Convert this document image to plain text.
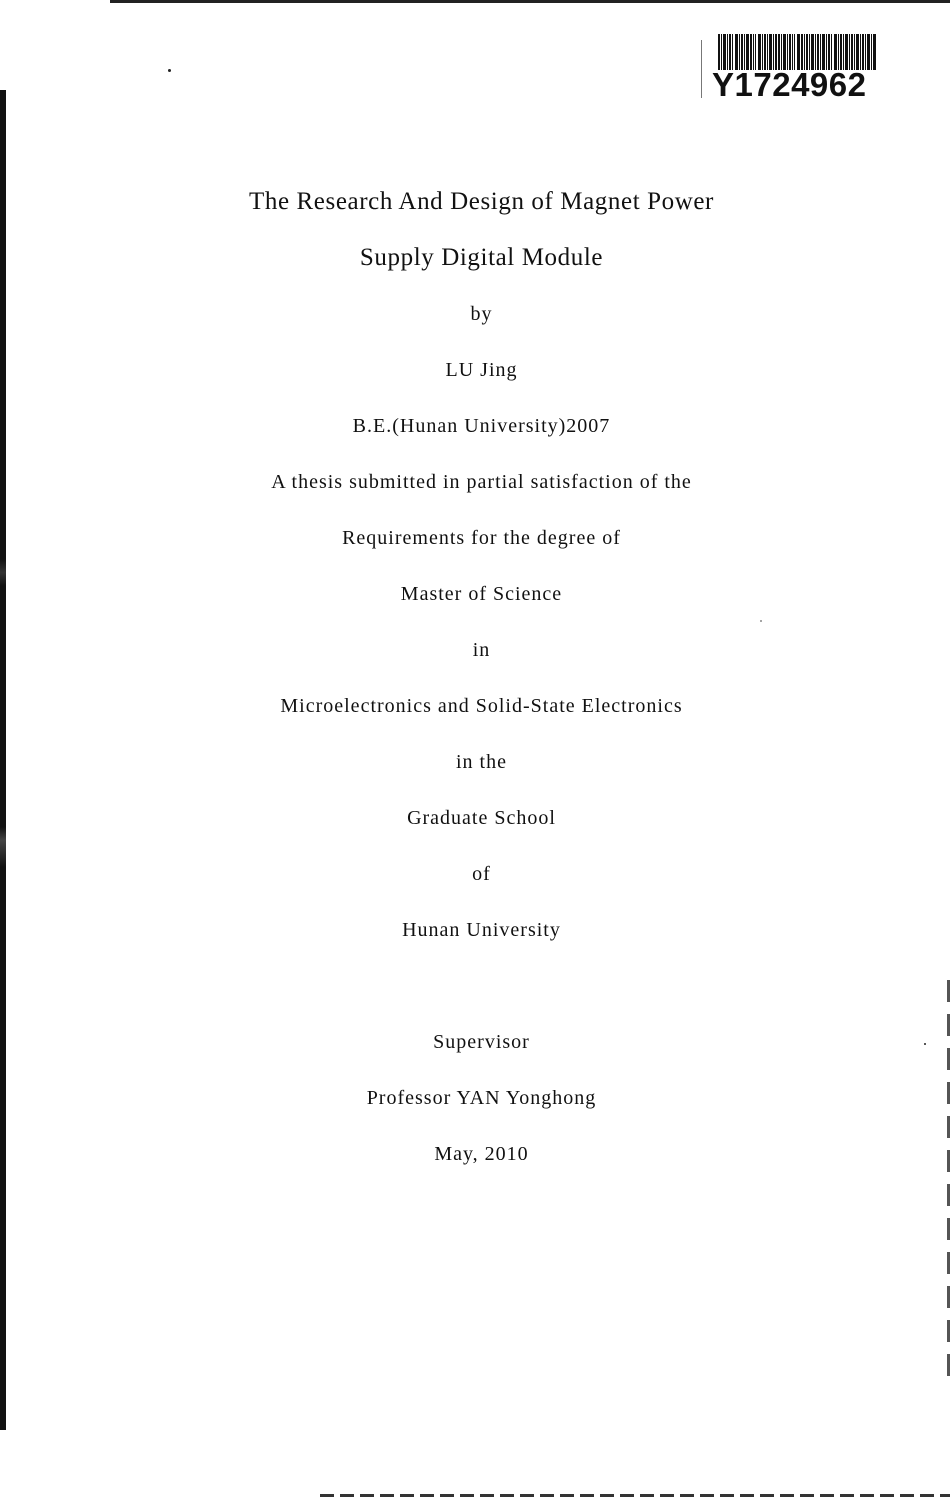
Y1724962

The Research And Design of Magnet Power

Supply Digital Module

by

LU Jing

B.E.(Hunan University)2007

A thesis submitted in partial satisfaction of the

Requirements for the degree of

Master of Science

in

Microelectronics and Solid-State Electronics

in the

Graduate School

of

Hunan University

Supervisor

Professor YAN Yonghong

May, 2010
